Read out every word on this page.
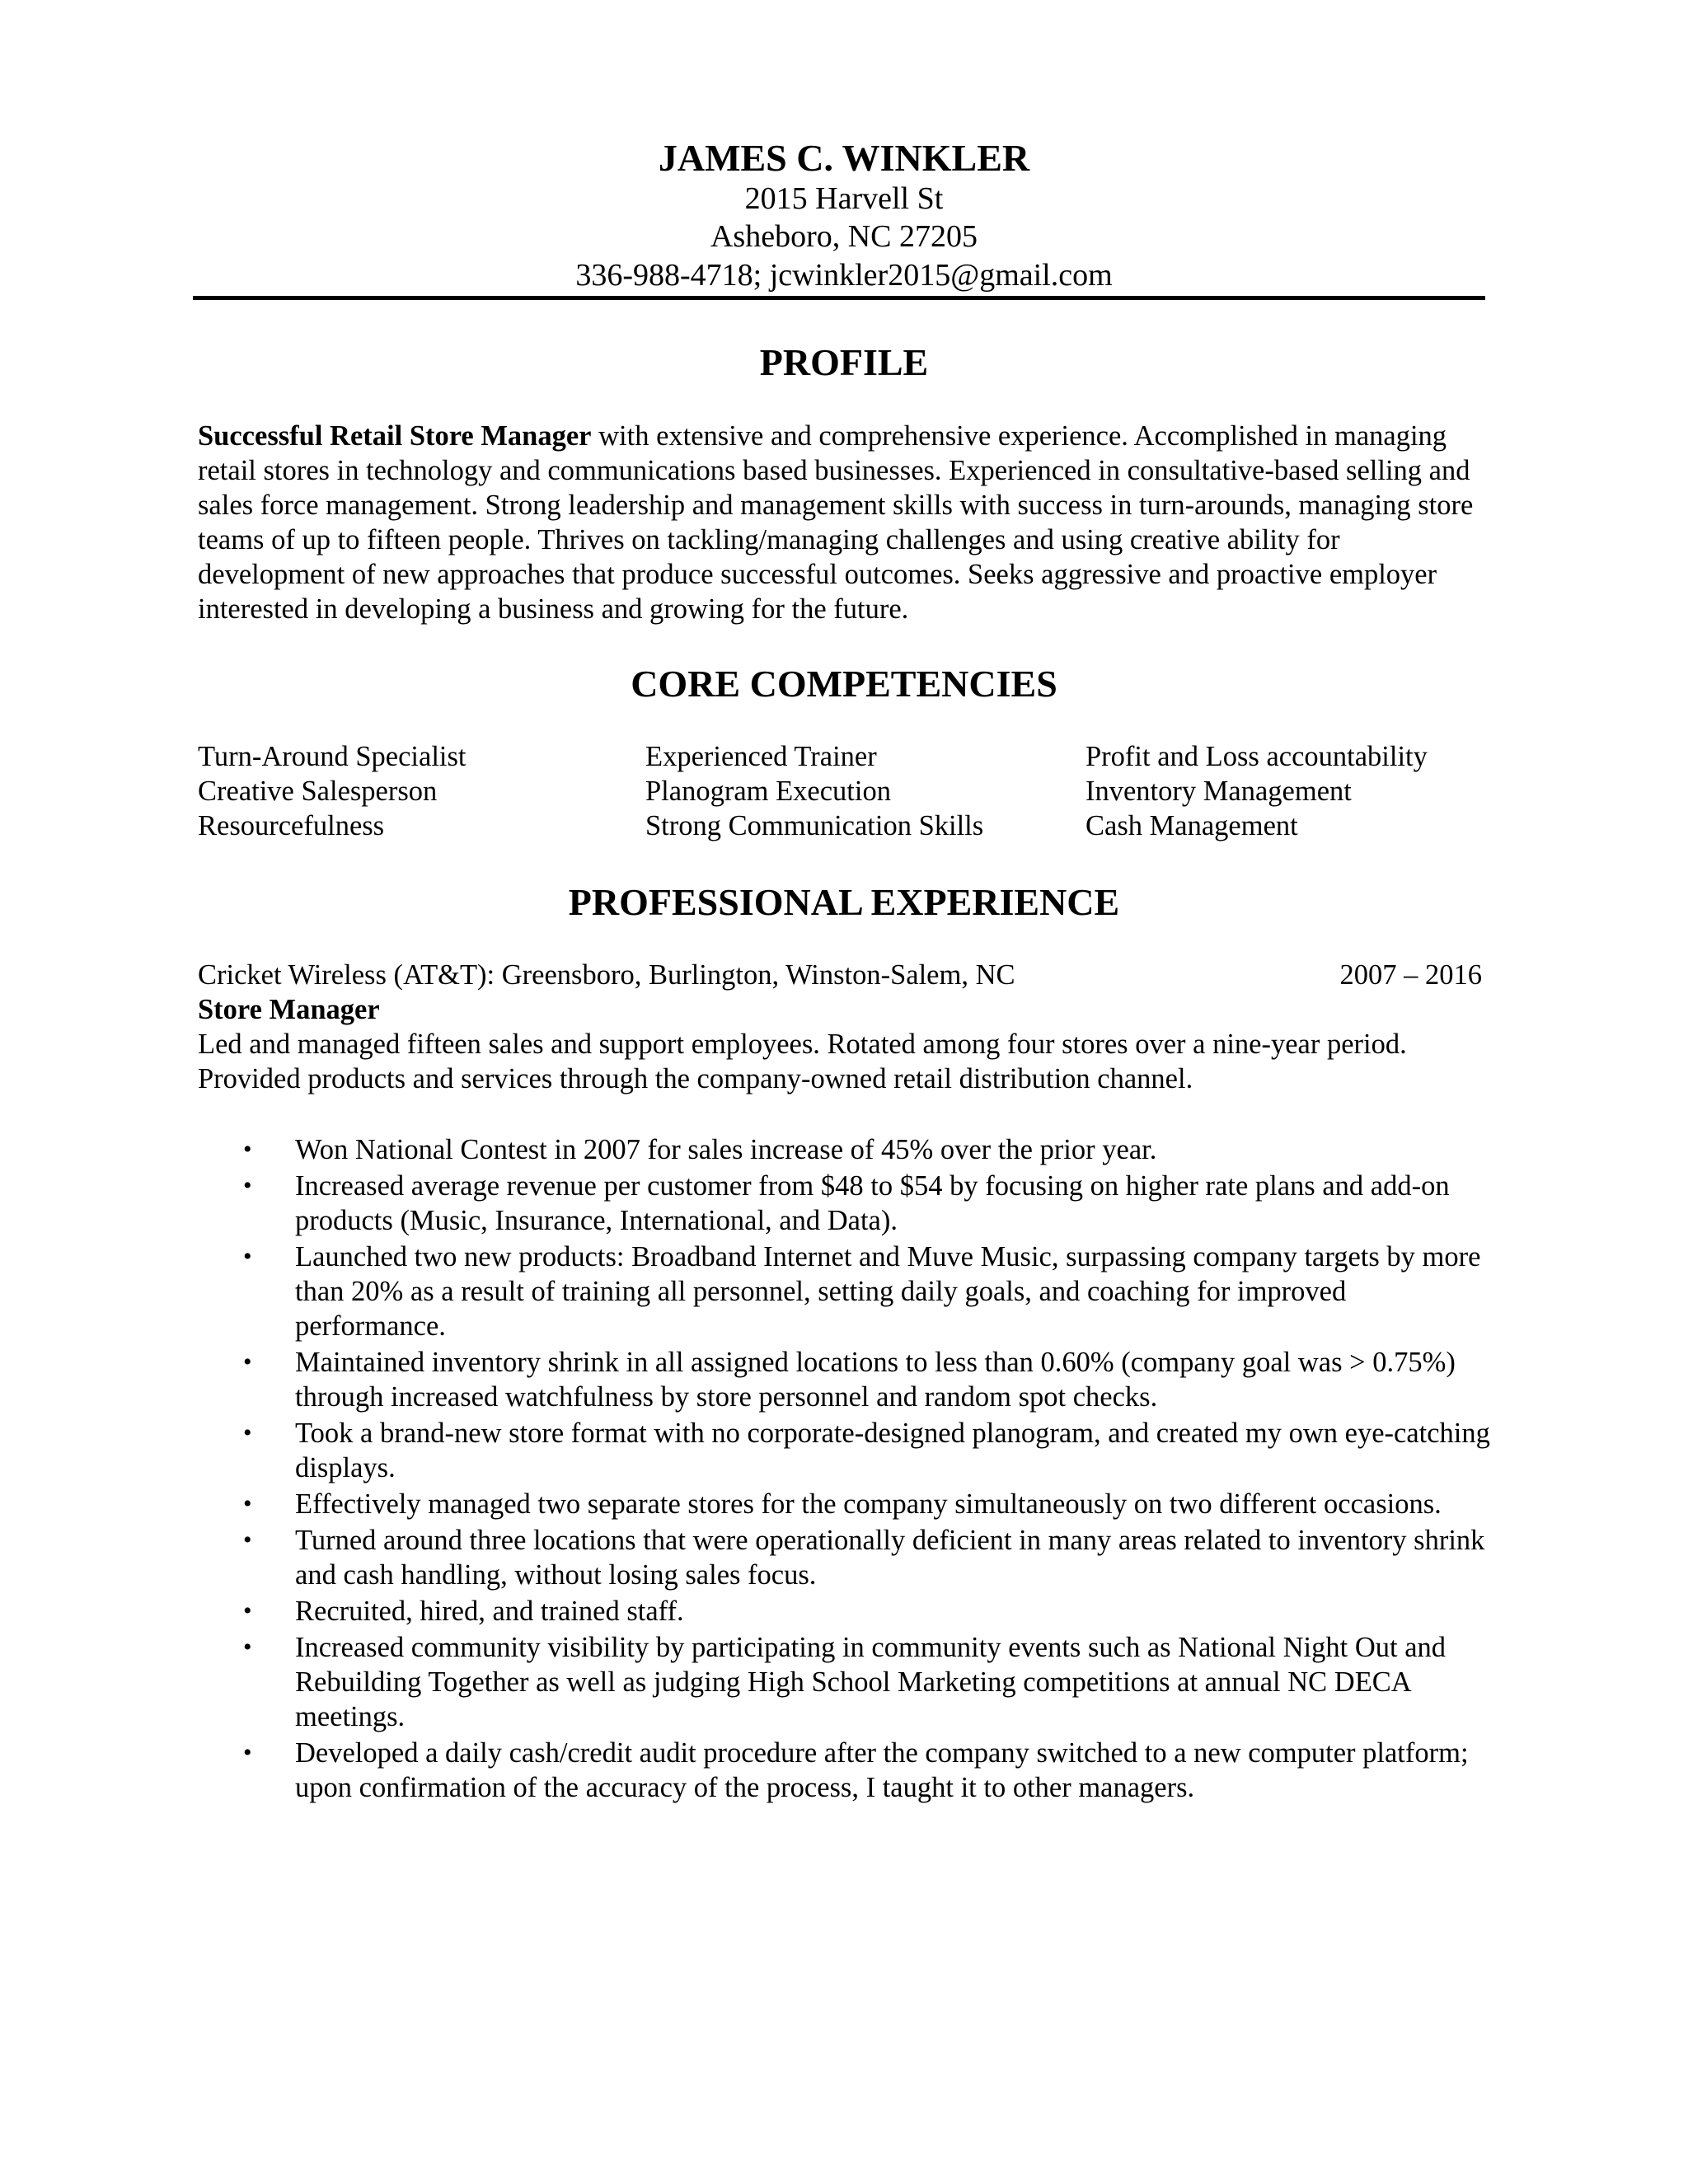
JAMES C. WINKLER
2015 Harvell St
Asheboro, NC 27205
336-988-4718; jcwinkler2015@gmail.com
PROFILE
Successful Retail Store Manager with extensive and comprehensive experience. Accomplished in managing retail stores in technology and communications based businesses. Experienced in consultative-based selling and sales force management. Strong leadership and management skills with success in turn-arounds, managing store teams of up to fifteen people. Thrives on tackling/managing challenges and using creative ability for development of new approaches that produce successful outcomes. Seeks aggressive and proactive employer interested in developing a business and growing for the future.
CORE COMPETENCIES
Turn-Around Specialist
Creative Salesperson
Resourcefulness
Experienced Trainer
Planogram Execution
Strong Communication Skills
Profit and Loss accountability
Inventory Management
Cash Management
PROFESSIONAL EXPERIENCE
Cricket Wireless (AT&T): Greensboro, Burlington, Winston-Salem, NC	2007 – 2016
Store Manager
Led and managed fifteen sales and support employees. Rotated among four stores over a nine-year period. Provided products and services through the company-owned retail distribution channel.
• Won National Contest in 2007 for sales increase of 45% over the prior year.
• Increased average revenue per customer from $48 to $54 by focusing on higher rate plans and add-on products (Music, Insurance, International, and Data).
• Launched two new products: Broadband Internet and Muve Music, surpassing company targets by more than 20% as a result of training all personnel, setting daily goals, and coaching for improved performance.
• Maintained inventory shrink in all assigned locations to less than 0.60% (company goal was > 0.75%) through increased watchfulness by store personnel and random spot checks.
• Took a brand-new store format with no corporate-designed planogram, and created my own eye-catching displays.
• Effectively managed two separate stores for the company simultaneously on two different occasions.
• Turned around three locations that were operationally deficient in many areas related to inventory shrink and cash handling, without losing sales focus.
• Recruited, hired, and trained staff.
• Increased community visibility by participating in community events such as National Night Out and Rebuilding Together as well as judging High School Marketing competitions at annual NC DECA meetings.
• Developed a daily cash/credit audit procedure after the company switched to a new computer platform; upon confirmation of the accuracy of the process, I taught it to other managers.
